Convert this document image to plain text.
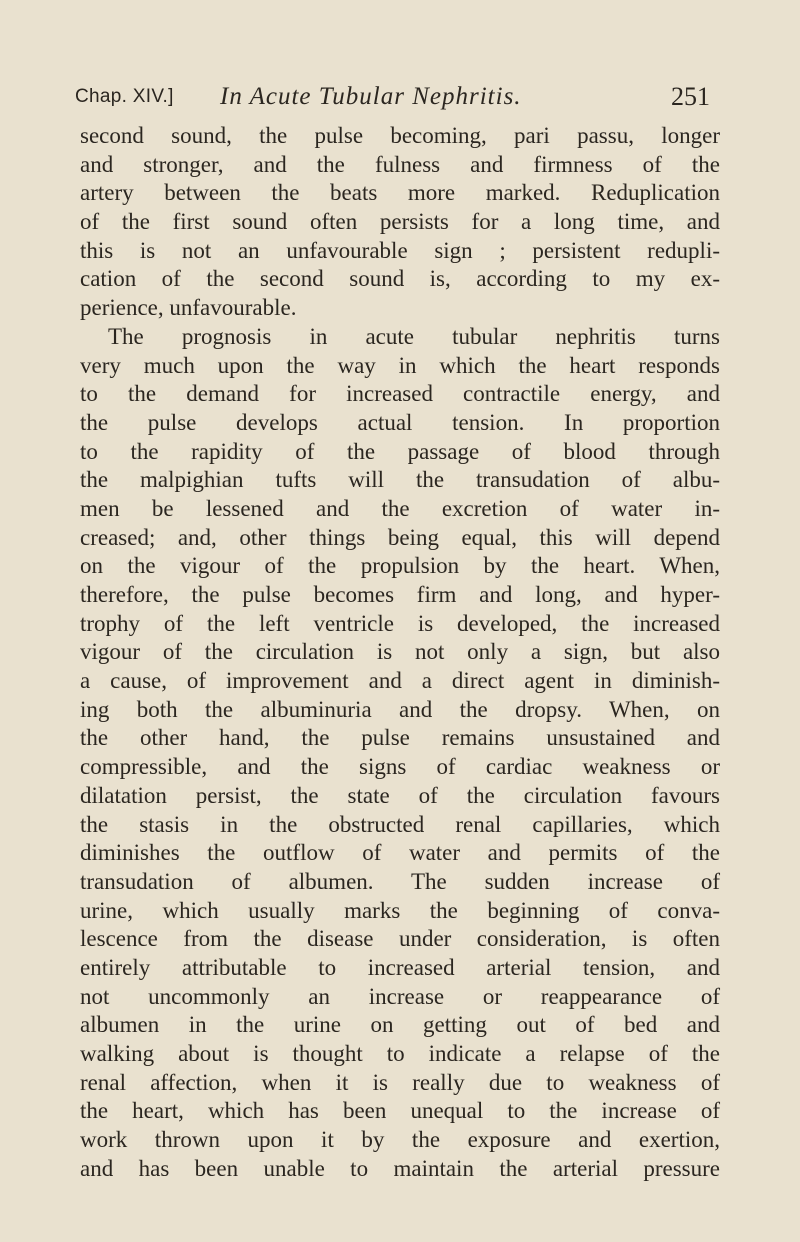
Chap. XIV.] In Acute Tubular Nephritis.	251
second sound, the pulse becoming, pari passu, longer
and stronger, and the fulness and firmness of the
artery between the beats more marked. Reduplication
of the first sound often persists for a long time, and
this is not an unfavourable sign ; persistent redupli-
cation of the second sound is, according to my ex-
perience, unfavourable.
The prognosis in acute tubular nephritis turns
very much upon the way in which the heart responds
to the demand for increased contractile energy, and
the pulse develops actual tension. In proportion
to the rapidity of the passage of blood through
the malpighian tufts will the transudation of albu-
men be lessened and the excretion of water in-
creased; and, other things being equal, this will depend
on the vigour of the propulsion by the heart. When,
therefore, the pulse becomes firm and long, and hyper-
trophy of the left ventricle is developed, the increased
vigour of the circulation is not only a sign, but also
a cause, of improvement and a direct agent in diminish-
ing both the albuminuria and the dropsy. When, on
the other hand, the pulse remains unsustained and
compressible, and the signs of cardiac weakness or
dilatation persist, the state of the circulation favours
the stasis in the obstructed renal capillaries, which
diminishes the outflow of water and permits of the
transudation of albumen. The sudden increase of
urine, which usually marks the beginning of conva-
lescence from the disease under consideration, is often
entirely attributable to increased arterial tension, and
not uncommonly an increase or reappearance of
albumen in the urine on getting out of bed and
walking about is thought to indicate a relapse of the
renal affection, when it is really due to weakness of
the heart, which has been unequal to the increase of
work thrown upon it by the exposure and exertion,
and has been unable to maintain the arterial pressure
